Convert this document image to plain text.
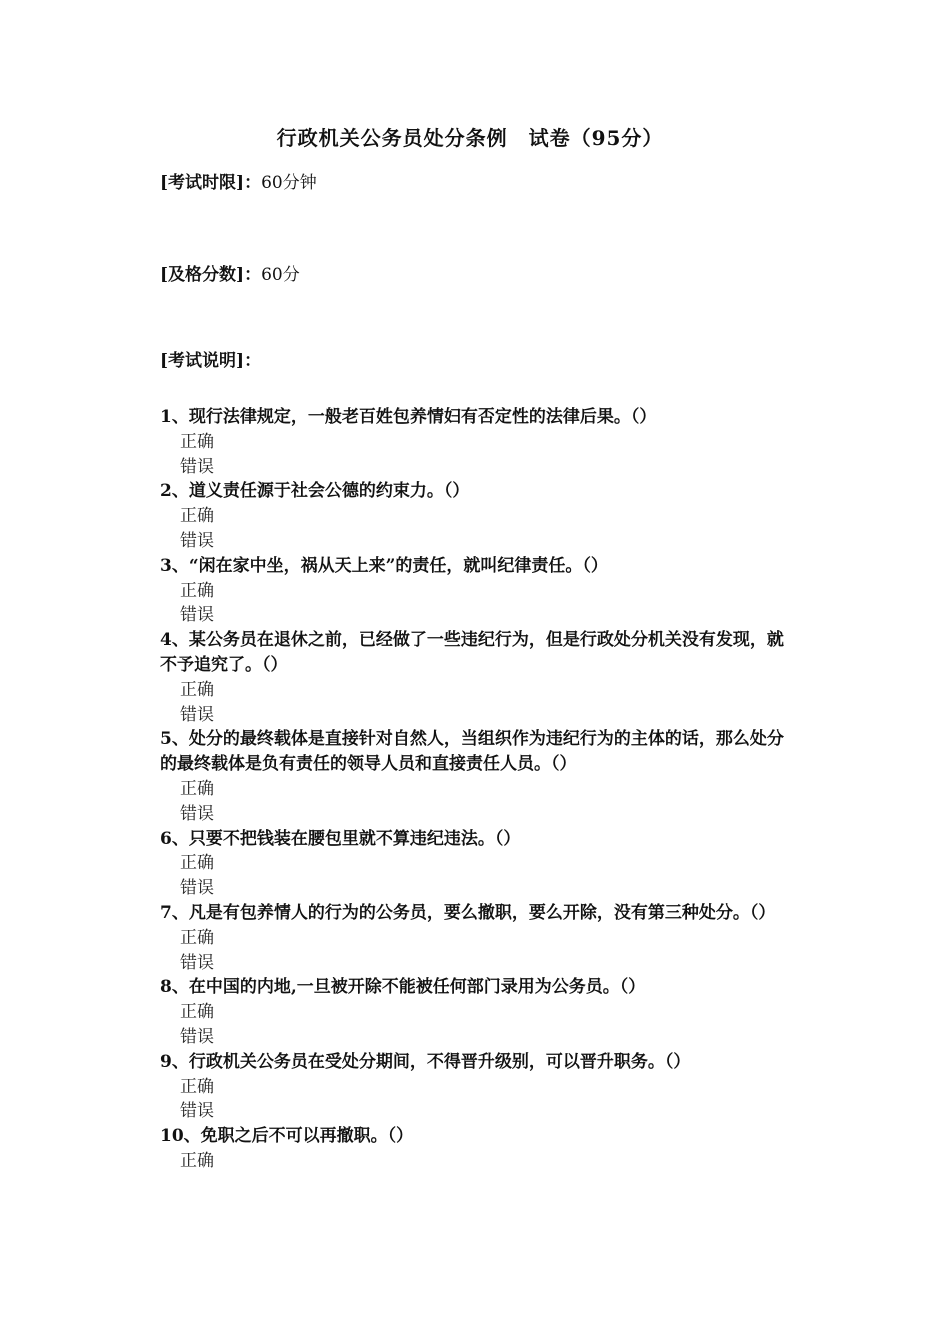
行政机关公务员处分条例　试卷（95分）
[考试时限]：60分钟
[及格分数]：60分
[考试说明]：
1、现行法律规定，一般老百姓包养情妇有否定性的法律后果。（）
正确
错误
2、道义责任源于社会公德的约束力。（）
正确
错误
3、“闲在家中坐，祸从天上来”的责任，就叫纪律责任。（）
正确
错误
4、某公务员在退休之前，已经做了一些违纪行为，但是行政处分机关没有发现，就不予追究了。（）
正确
错误
5、处分的最终载体是直接针对自然人，当组织作为违纪行为的主体的话，那么处分的最终载体是负有责任的领导人员和直接责任人员。（）
正确
错误
6、只要不把钱装在腰包里就不算违纪违法。（）
正确
错误
7、凡是有包养情人的行为的公务员，要么撤职，要么开除，没有第三种处分。（）
正确
错误
8、在中国的内地,一旦被开除不能被任何部门录用为公务员。（）
正确
错误
9、行政机关公务员在受处分期间，不得晋升级别，可以晋升职务。（）
正确
错误
10、免职之后不可以再撤职。（）
正确
